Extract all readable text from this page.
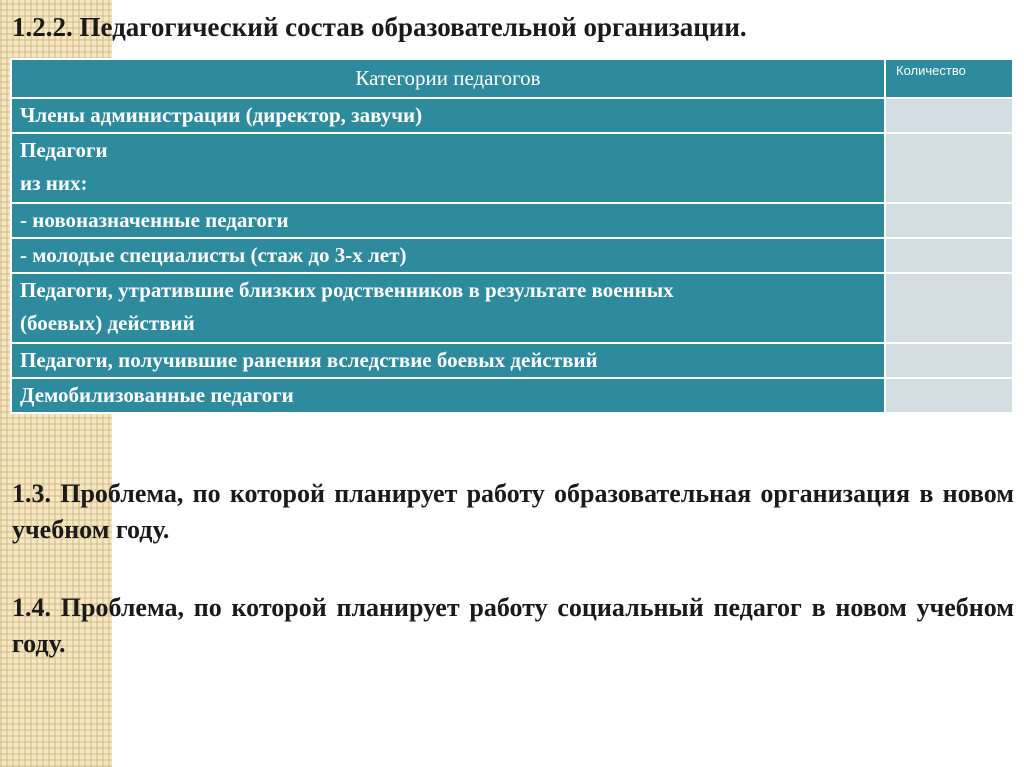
1.2.2. Педагогический состав образовательной организации.
Категории педагогов	Количество
Члены администрации (директор, завучи)	

Педагоги
из них:	

- новоназначенные педагоги	
- молодые специалисты (стаж до 3-х лет)	

Педагоги, утратившие близких родственников в результате военных
(боевых) действий	

Педагоги, получившие ранения вследствие боевых действий	
Демобилизованные педагоги	

1.3. Проблема, по которой планирует работу образовательная организация в новом учебном году.

1.4. Проблема, по которой планирует работу социальный педагог в новом учебном году.
